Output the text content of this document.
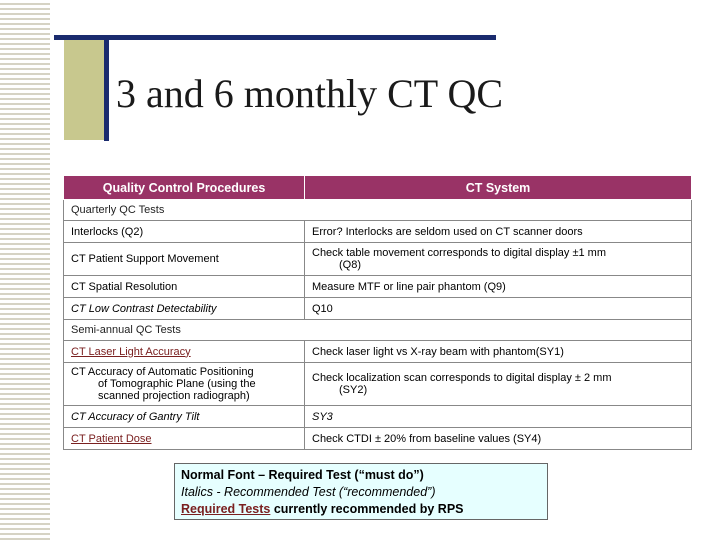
3 and 6 monthly CT QC
Quality Control Procedures	CT System
Quarterly QC Tests	
Interlocks (Q2)	Error? Interlocks are seldom used on CT scanner doors
CT Patient Support Movement	Check table movement corresponds to digital display ±1 mm
(Q8)

CT Spatial Resolution	Measure MTF or line pair phantom (Q9)
CT Low Contrast Detectability	Q10
Semi-annual QC Tests	
CT Laser Light Accuracy	Check laser light vs X-ray beam with phantom(SY1)
CT Accuracy of Automatic Positioning
of Tomographic Plane (using the
scanned projection radiograph)	Check localization scan corresponds to digital display ± 2 mm
(SY2)

CT Accuracy of Gantry Tilt	SY3
CT Patient Dose	Check CTDI ± 20% from baseline values (SY4)
Normal Font – Required Test (“must do”)
Italics - Recommended Test (“recommended”)
Required Tests currently recommended by RPS
